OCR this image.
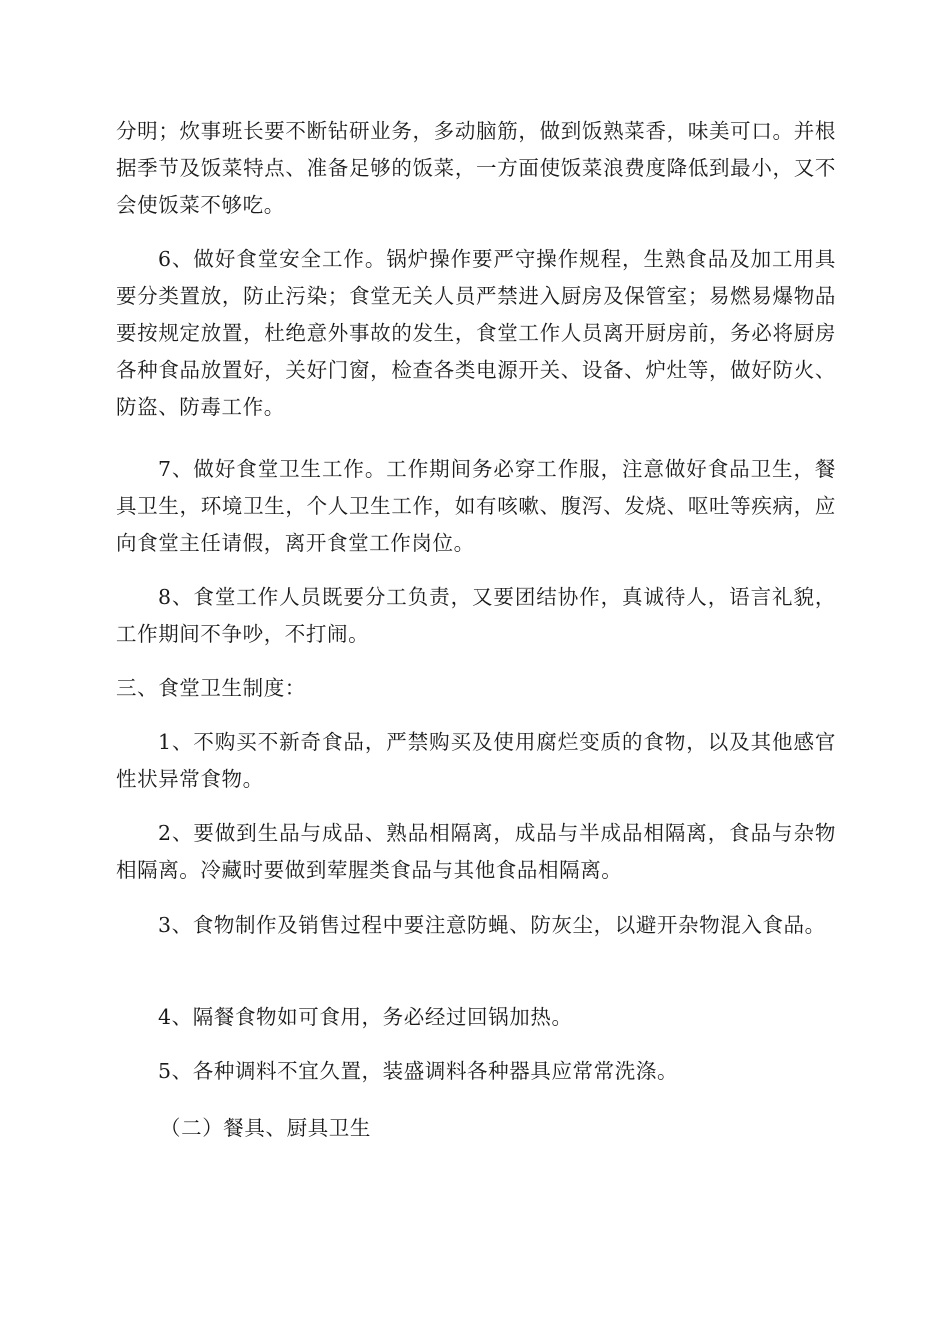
分明；炊事班长要不断钻研业务，多动脑筋，做到饭熟菜香，味美可口。并根据季节及饭菜特点、准备足够的饭菜，一方面使饭菜浪费度降低到最小，又不会使饭菜不够吃。

6、做好食堂安全工作。锅炉操作要严守操作规程，生熟食品及加工用具要分类置放，防止污染；食堂无关人员严禁进入厨房及保管室；易燃易爆物品要按规定放置，杜绝意外事故的发生，食堂工作人员离开厨房前，务必将厨房各种食品放置好，关好门窗，检查各类电源开关、设备、炉灶等，做好防火、防盗、防毒工作。

7、做好食堂卫生工作。工作期间务必穿工作服，注意做好食品卫生，餐具卫生，环境卫生，个人卫生工作，如有咳嗽、腹泻、发烧、呕吐等疾病，应向食堂主任请假，离开食堂工作岗位。

8、食堂工作人员既要分工负责，又要团结协作，真诚待人，语言礼貌，工作期间不争吵，不打闹。

三、食堂卫生制度：

1、不购买不新奇食品，严禁购买及使用腐烂变质的食物，以及其他感官性状异常食物。

2、要做到生品与成品、熟品相隔离，成品与半成品相隔离，食品与杂物相隔离。冷藏时要做到荤腥类食品与其他食品相隔离。

3、食物制作及销售过程中要注意防蝇、防灰尘，以避开杂物混入食品。

4、隔餐食物如可食用，务必经过回锅加热。

5、各种调料不宜久置，装盛调料各种器具应常常洗涤。

（二）餐具、厨具卫生
